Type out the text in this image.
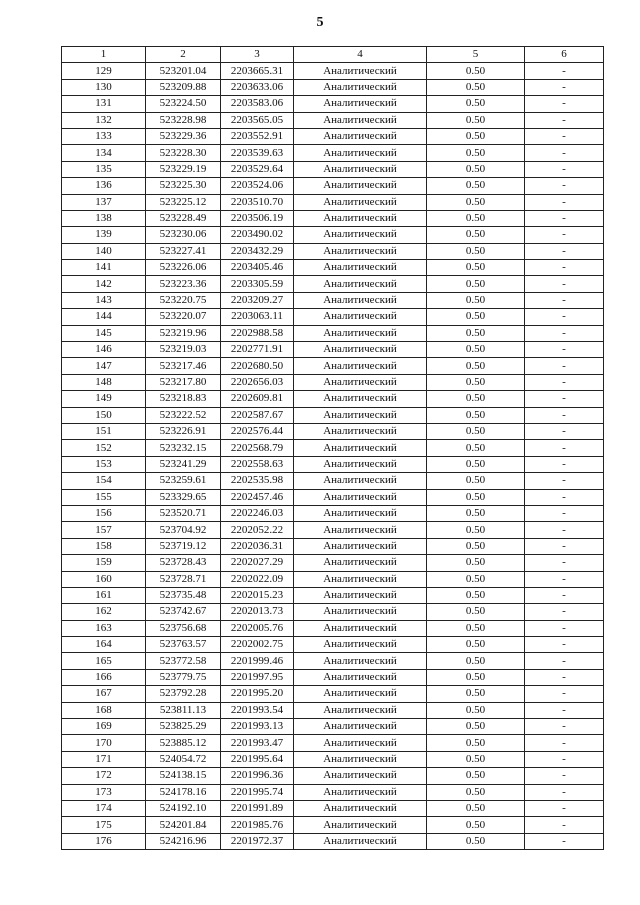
5
1	2	3	4	5	6
129	523201.04	2203665.31	Аналитический	0.50	-
130	523209.88	2203633.06	Аналитический	0.50	-
131	523224.50	2203583.06	Аналитический	0.50	-
132	523228.98	2203565.05	Аналитический	0.50	-
133	523229.36	2203552.91	Аналитический	0.50	-
134	523228.30	2203539.63	Аналитический	0.50	-
135	523229.19	2203529.64	Аналитический	0.50	-
136	523225.30	2203524.06	Аналитический	0.50	-
137	523225.12	2203510.70	Аналитический	0.50	-
138	523228.49	2203506.19	Аналитический	0.50	-
139	523230.06	2203490.02	Аналитический	0.50	-
140	523227.41	2203432.29	Аналитический	0.50	-
141	523226.06	2203405.46	Аналитический	0.50	-
142	523223.36	2203305.59	Аналитический	0.50	-
143	523220.75	2203209.27	Аналитический	0.50	-
144	523220.07	2203063.11	Аналитический	0.50	-
145	523219.96	2202988.58	Аналитический	0.50	-
146	523219.03	2202771.91	Аналитический	0.50	-
147	523217.46	2202680.50	Аналитический	0.50	-
148	523217.80	2202656.03	Аналитический	0.50	-
149	523218.83	2202609.81	Аналитический	0.50	-
150	523222.52	2202587.67	Аналитический	0.50	-
151	523226.91	2202576.44	Аналитический	0.50	-
152	523232.15	2202568.79	Аналитический	0.50	-
153	523241.29	2202558.63	Аналитический	0.50	-
154	523259.61	2202535.98	Аналитический	0.50	-
155	523329.65	2202457.46	Аналитический	0.50	-
156	523520.71	2202246.03	Аналитический	0.50	-
157	523704.92	2202052.22	Аналитический	0.50	-
158	523719.12	2202036.31	Аналитический	0.50	-
159	523728.43	2202027.29	Аналитический	0.50	-
160	523728.71	2202022.09	Аналитический	0.50	-
161	523735.48	2202015.23	Аналитический	0.50	-
162	523742.67	2202013.73	Аналитический	0.50	-
163	523756.68	2202005.76	Аналитический	0.50	-
164	523763.57	2202002.75	Аналитический	0.50	-
165	523772.58	2201999.46	Аналитический	0.50	-
166	523779.75	2201997.95	Аналитический	0.50	-
167	523792.28	2201995.20	Аналитический	0.50	-
168	523811.13	2201993.54	Аналитический	0.50	-
169	523825.29	2201993.13	Аналитический	0.50	-
170	523885.12	2201993.47	Аналитический	0.50	-
171	524054.72	2201995.64	Аналитический	0.50	-
172	524138.15	2201996.36	Аналитический	0.50	-
173	524178.16	2201995.74	Аналитический	0.50	-
174	524192.10	2201991.89	Аналитический	0.50	-
175	524201.84	2201985.76	Аналитический	0.50	-
176	524216.96	2201972.37	Аналитический	0.50	-
